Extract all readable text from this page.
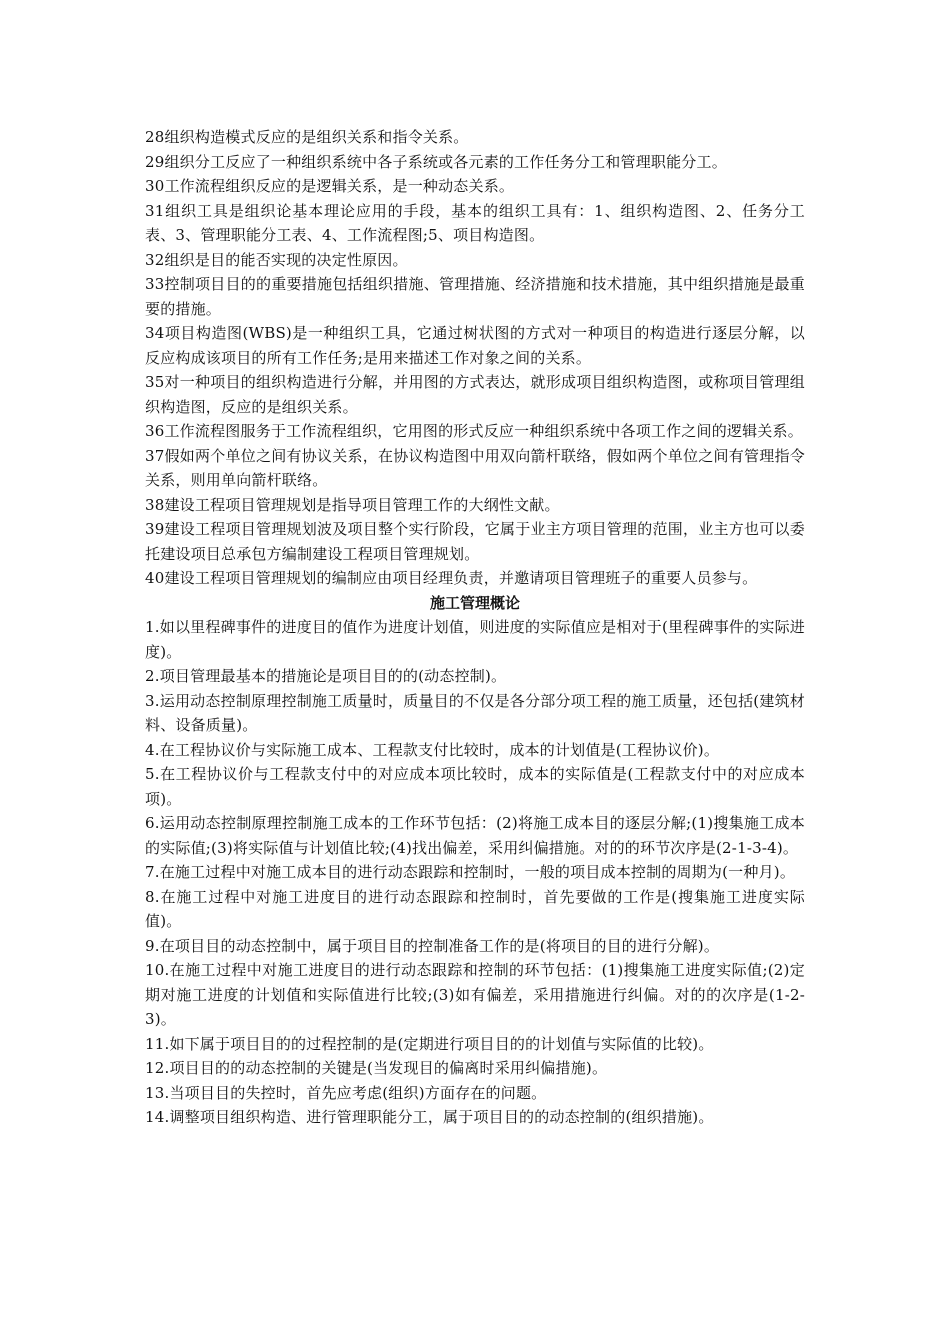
28组织构造模式反应的是组织关系和指令关系。

29组织分工反应了一种组织系统中各子系统或各元素的工作任务分工和管理职能分工。

30工作流程组织反应的是逻辑关系，是一种动态关系。

31组织工具是组织论基本理论应用的手段，基本的组织工具有：1、组织构造图、2、任务分工表、3、管理职能分工表、4、工作流程图;5、项目构造图。

32组织是目的能否实现的决定性原因。

33控制项目目的的重要措施包括组织措施、管理措施、经济措施和技术措施，其中组织措施是最重要的措施。

34项目构造图(WBS)是一种组织工具，它通过树状图的方式对一种项目的构造进行逐层分解，以反应构成该项目的所有工作任务;是用来描述工作对象之间的关系。

35对一种项目的组织构造进行分解，并用图的方式表达，就形成项目组织构造图，或称项目管理组织构造图，反应的是组织关系。

36工作流程图服务于工作流程组织，它用图的形式反应一种组织系统中各项工作之间的逻辑关系。

37假如两个单位之间有协议关系，在协议构造图中用双向箭杆联络，假如两个单位之间有管理指令关系，则用单向箭杆联络。

38建设工程项目管理规划是指导项目管理工作的大纲性文献。

39建设工程项目管理规划波及项目整个实行阶段，它属于业主方项目管理的范围，业主方也可以委托建设项目总承包方编制建设工程项目管理规划。

40建设工程项目管理规划的编制应由项目经理负责，并邀请项目管理班子的重要人员参与。

施工管理概论

1.如以里程碑事件的进度目的值作为进度计划值，则进度的实际值应是相对于(里程碑事件的实际进度)。

2.项目管理最基本的措施论是项目目的的(动态控制)。

3.运用动态控制原理控制施工质量时，质量目的不仅是各分部分项工程的施工质量，还包括(建筑材料、设备质量)。

4.在工程协议价与实际施工成本、工程款支付比较时，成本的计划值是(工程协议价)。

5.在工程协议价与工程款支付中的对应成本项比较时，成本的实际值是(工程款支付中的对应成本项)。

6.运用动态控制原理控制施工成本的工作环节包括：(2)将施工成本目的逐层分解;(1)搜集施工成本的实际值;(3)将实际值与计划值比较;(4)找出偏差，采用纠偏措施。对的的环节次序是(2-1-3-4)。

7.在施工过程中对施工成本目的进行动态跟踪和控制时，一般的项目成本控制的周期为(一种月)。

8.在施工过程中对施工进度目的进行动态跟踪和控制时，首先要做的工作是(搜集施工进度实际值)。

9.在项目目的动态控制中，属于项目目的控制准备工作的是(将项目的目的进行分解)。

10.在施工过程中对施工进度目的进行动态跟踪和控制的环节包括：(1)搜集施工进度实际值;(2)定期对施工进度的计划值和实际值进行比较;(3)如有偏差，采用措施进行纠偏。对的的次序是(1-2-3)。

11.如下属于项目目的的过程控制的是(定期进行项目目的的计划值与实际值的比较)。

12.项目目的的动态控制的关键是(当发现目的偏离时采用纠偏措施)。

13.当项目目的失控时，首先应考虑(组织)方面存在的问题。

14.调整项目组织构造、进行管理职能分工，属于项目目的的动态控制的(组织措施)。
